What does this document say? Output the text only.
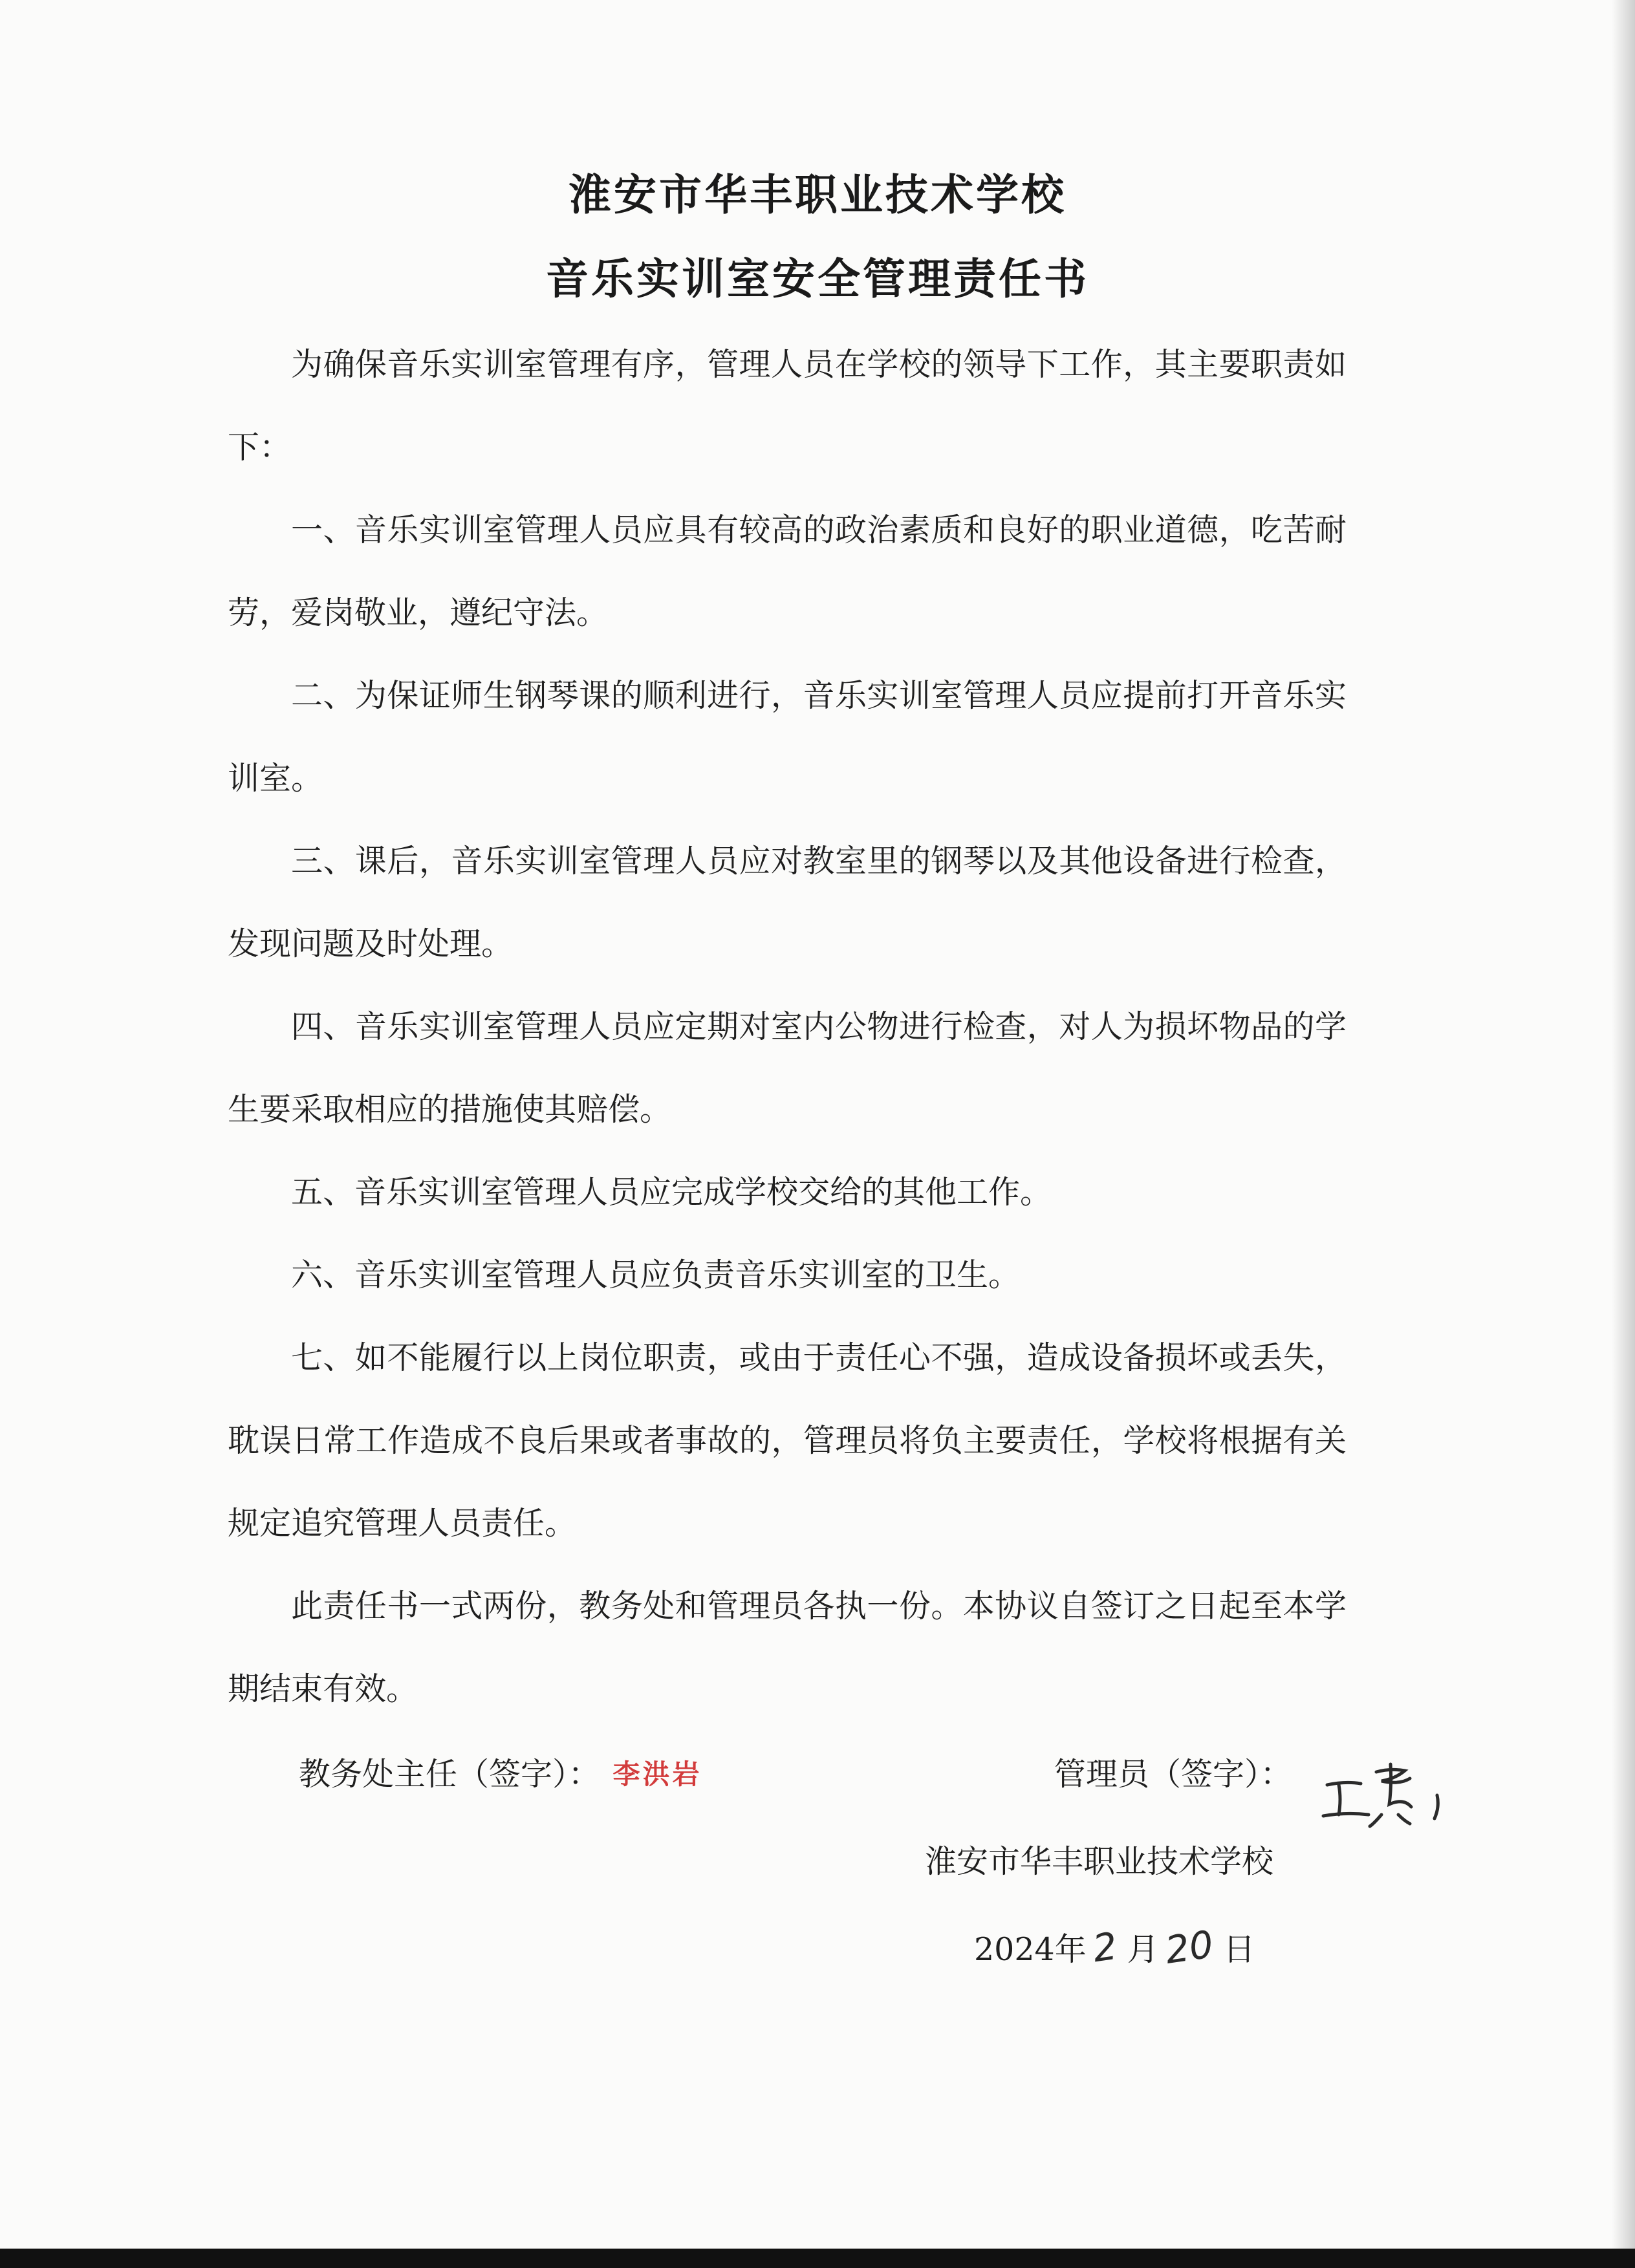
淮安市华丰职业技术学校
音乐实训室安全管理责任书

为确保音乐实训室管理有序，管理人员在学校的领导下工作，其主要职责如下：

一、音乐实训室管理人员应具有较高的政治素质和良好的职业道德，吃苦耐劳，爱岗敬业，遵纪守法。

二、为保证师生钢琴课的顺利进行，音乐实训室管理人员应提前打开音乐实训室。

三、课后，音乐实训室管理人员应对教室里的钢琴以及其他设备进行检查，发现问题及时处理。

四、音乐实训室管理人员应定期对室内公物进行检查，对人为损坏物品的学生要采取相应的措施使其赔偿。

五、音乐实训室管理人员应完成学校交给的其他工作。

六、音乐实训室管理人员应负责音乐实训室的卫生。

七、如不能履行以上岗位职责，或由于责任心不强，造成设备损坏或丢失，耽误日常工作造成不良后果或者事故的，管理员将负主要责任，学校将根据有关规定追究管理人员责任。

此责任书一式两份，教务处和管理员各执一份。本协议自签订之日起至本学期结束有效。

教务处主任（签字）： 李洪岩	管理员（签字）：
淮安市华丰职业技术学校
2024年2 月20 日
